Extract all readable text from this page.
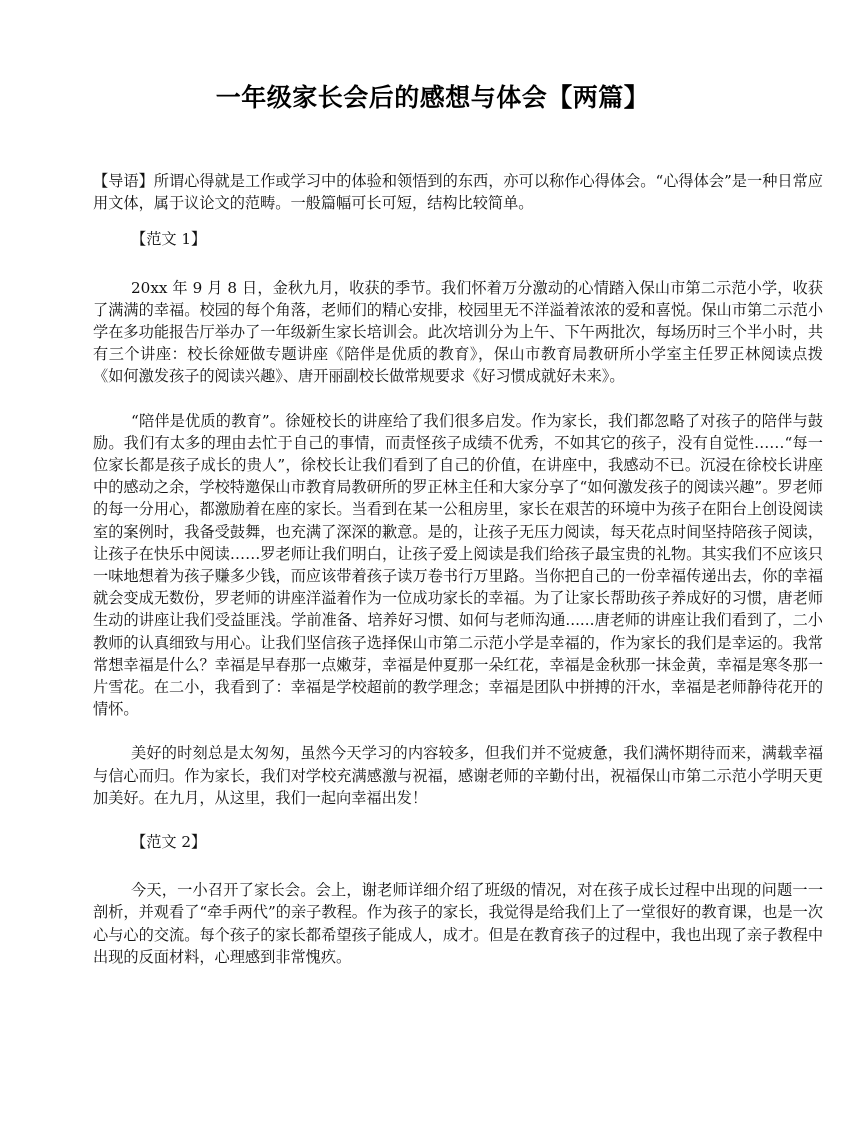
一年级家长会后的感想与体会【两篇】

【导语】所谓心得就是工作或学习中的体验和领悟到的东西，亦可以称作心得体会。“心得体会”是一种日常应用文体，属于议论文的范畴。一般篇幅可长可短，结构比较简单。

【范文 1】

20xx 年 9 月 8 日，金秋九月，收获的季节。我们怀着万分激动的心情踏入保山市第二示范小学，收获了满满的幸福。校园的每个角落，老师们的精心安排，校园里无不洋溢着浓浓的爱和喜悦。保山市第二示范小学在多功能报告厅举办了一年级新生家长培训会。此次培训分为上午、下午两批次，每场历时三个半小时，共有三个讲座：校长徐娅做专题讲座《陪伴是优质的教育》，保山市教育局教研所小学室主任罗正林阅读点拨《如何激发孩子的阅读兴趣》、唐开丽副校长做常规要求《好习惯成就好未来》。

“陪伴是优质的教育”。徐娅校长的讲座给了我们很多启发。作为家长，我们都忽略了对孩子的陪伴与鼓励。我们有太多的理由去忙于自己的事情，而责怪孩子成绩不优秀，不如其它的孩子，没有自觉性……“每一位家长都是孩子成长的贵人”，徐校长让我们看到了自己的价值，在讲座中，我感动不已。沉浸在徐校长讲座中的感动之余，学校特邀保山市教育局教研所的罗正林主任和大家分享了“如何激发孩子的阅读兴趣”。罗老师的每一分用心，都激励着在座的家长。当看到在某一公租房里，家长在艰苦的环境中为孩子在阳台上创设阅读室的案例时，我备受鼓舞，也充满了深深的歉意。是的，让孩子无压力阅读，每天花点时间坚持陪孩子阅读，让孩子在快乐中阅读……罗老师让我们明白，让孩子爱上阅读是我们给孩子最宝贵的礼物。其实我们不应该只一味地想着为孩子赚多少钱，而应该带着孩子读万卷书行万里路。当你把自己的一份幸福传递出去，你的幸福就会变成无数份，罗老师的讲座洋溢着作为一位成功家长的幸福。为了让家长帮助孩子养成好的习惯，唐老师生动的讲座让我们受益匪浅。学前准备、培养好习惯、如何与老师沟通......唐老师的讲座让我们看到了，二小教师的认真细致与用心。让我们坚信孩子选择保山市第二示范小学是幸福的，作为家长的我们是幸运的。我常常想幸福是什么？幸福是早春那一点嫩芽，幸福是仲夏那一朵红花，幸福是金秋那一抹金黄，幸福是寒冬那一片雪花。在二小，我看到了：幸福是学校超前的教学理念；幸福是团队中拼搏的汗水，幸福是老师静待花开的情怀。

美好的时刻总是太匆匆，虽然今天学习的内容较多，但我们并不觉疲惫，我们满怀期待而来，满载幸福与信心而归。作为家长，我们对学校充满感激与祝福，感谢老师的辛勤付出，祝福保山市第二示范小学明天更加美好。在九月，从这里，我们一起向幸福出发！

【范文 2】

今天，一小召开了家长会。会上，谢老师详细介绍了班级的情况，对在孩子成长过程中出现的问题一一剖析，并观看了“牵手两代”的亲子教程。作为孩子的家长，我觉得是给我们上了一堂很好的教育课，也是一次心与心的交流。每个孩子的家长都希望孩子能成人，成才。但是在教育孩子的过程中，我也出现了亲子教程中出现的反面材料，心理感到非常愧疚。
